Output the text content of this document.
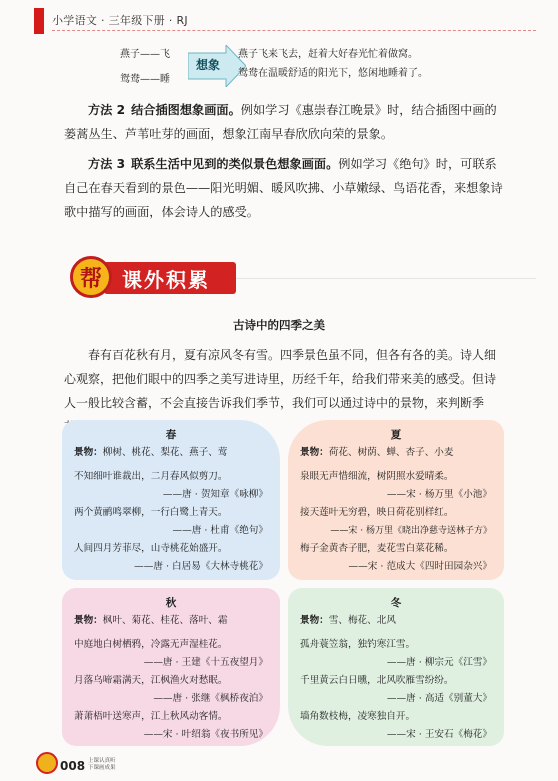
小学语文 · 三年级下册 · RJ
燕子——飞
鸳鸯——睡
想象
燕子飞来飞去，赶着大好春光忙着做窝。
鸳鸯在温暖舒适的阳光下，悠闲地睡着了。
方法 2 结合插图想象画面。例如学习《惠崇春江晚景》时，结合插图中画的蒌蒿丛生、芦苇吐芽的画面，想象江南早春欣欣向荣的景象。
方法 3 联系生活中见到的类似景色想象画面。例如学习《绝句》时，可联系自己在春天看到的景色——阳光明媚、暖风吹拂、小草嫩绿、鸟语花香，来想象诗歌中描写的画面，体会诗人的感受。
课外积累
帮
古诗中的四季之美
春有百花秋有月，夏有凉风冬有雪。四季景色虽不同，但各有各的美。诗人细心观察，把他们眼中的四季之美写进诗里，历经千年，给我们带来美的感受。但诗人一般比较含蓄，不会直接告诉我们季节，我们可以通过诗中的景物，来判断季
春
景物：柳树、桃花、梨花、燕子、莺
不知细叶谁裁出，二月春风似剪刀。
——唐 · 贺知章《咏柳》
两个黄鹂鸣翠柳，一行白鹭上青天。
——唐 · 杜甫《绝句》
人间四月芳菲尽，山寺桃花始盛开。
——唐 · 白居易《大林寺桃花》
夏
景物：荷花、树荫、蝉、杏子、小麦
泉眼无声惜细流，树阴照水爱晴柔。
——宋 · 杨万里《小池》
接天莲叶无穷碧，映日荷花别样红。
——宋 · 杨万里《晓出净慈寺送林子方》
梅子金黄杏子肥，麦花雪白菜花稀。
——宋 · 范成大《四时田园杂兴》
秋
景物：枫叶、菊花、桂花、落叶、霜
中庭地白树栖鸦，冷露无声湿桂花。
——唐 · 王建《十五夜望月》
月落乌啼霜满天，江枫渔火对愁眠。
——唐 · 张继《枫桥夜泊》
萧萧梧叶送寒声，江上秋风动客情。
——宋 · 叶绍翁《夜书所见》
冬
景物：雪、梅花、北风
孤舟蓑笠翁，独钓寒江雪。
——唐 · 柳宗元《江雪》
千里黄云白日曛，北风吹雁雪纷纷。
——唐 · 高适《别董大》
墙角数枝梅，凌寒独自开。
——宋 · 王安石《梅花》
008 上课认真听
下课画成果
